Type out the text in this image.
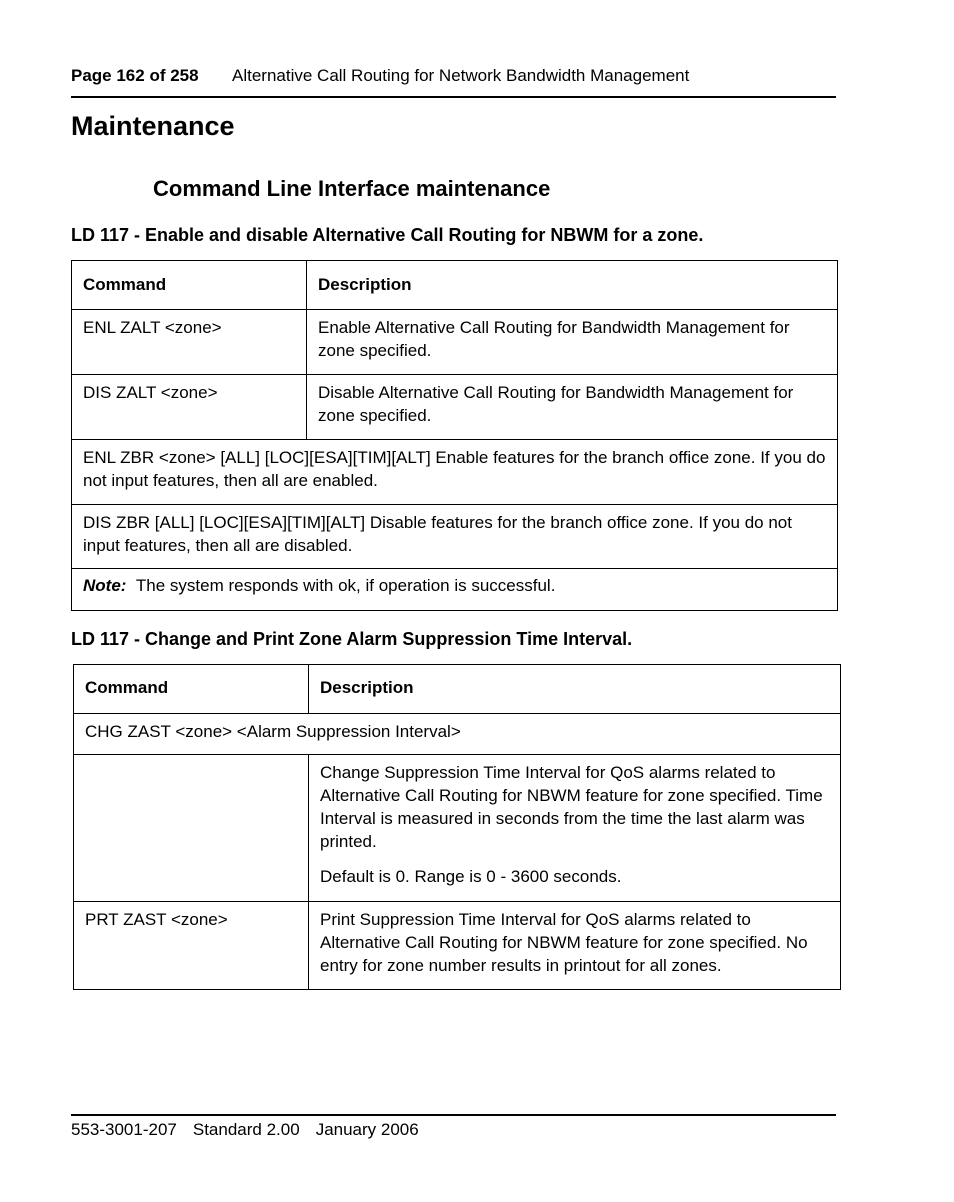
Page 162 of 258 Alternative Call Routing for Network Bandwidth Management
Maintenance
Command Line Interface maintenance

LD 117 - Enable and disable Alternative Call Routing for NBWM for a zone.

Command	Description
ENL ZALT <zone>	Enable Alternative Call Routing for Bandwidth Management for zone specified.
DIS ZALT <zone>	Disable Alternative Call Routing for Bandwidth Management for zone specified.
ENL ZBR <zone> [ALL] [LOC][ESA][TIM][ALT] Enable features for the branch office zone. If you do not input features, then all are enabled.	
DIS ZBR [ALL] [LOC][ESA][TIM][ALT] Disable features for the branch office zone. If you do not input features, then all are disabled.	
Note: The system responds with ok, if operation is successful.	

LD 117 - Change and Print Zone Alarm Suppression Time Interval.

Command	Description
CHG ZAST <zone> <Alarm Suppression Interval>	

	Change Suppression Time Interval for QoS alarms related to Alternative Call Routing for NBWM feature for zone specified. Time Interval is measured in seconds from the time the last alarm was printed.
Default is 0. Range is 0 - 3600 seconds.

PRT ZAST <zone>	Print Suppression Time Interval for QoS alarms related to Alternative Call Routing for NBWM feature for zone specified. No entry for zone number results in printout for all zones.
553-3001-207 Standard 2.00 January 2006
